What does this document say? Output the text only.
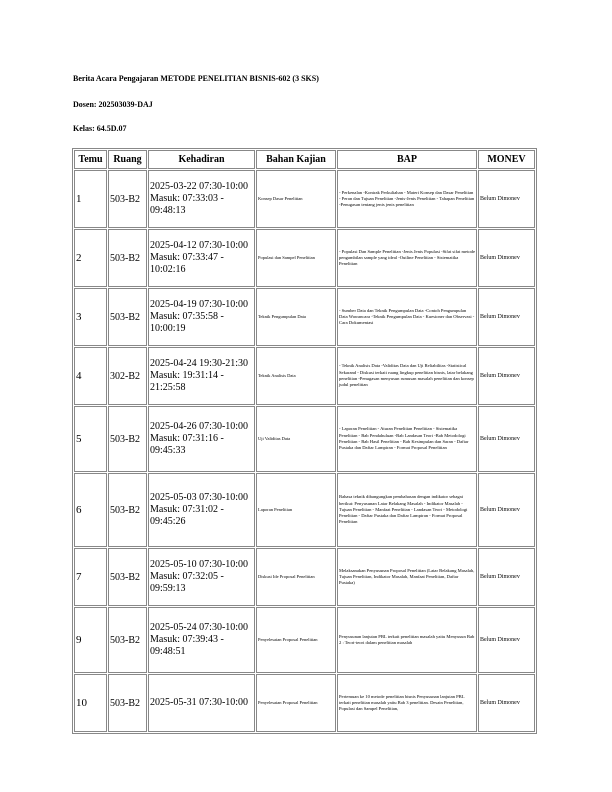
Berita Acara Pengajaran METODE PENELITIAN BISNIS-602 (3 SKS)
Dosen: 202503039-DAJ
Kelas: 64.5D.07
Temu	Ruang	Kehadiran	Bahan Kajian	BAP	MONEV
1	503-B2	2025-03-22 07:30-10:00 Masuk: 07:33:03 - 09:48:13	Konsep Dasar Penelitian	- Perkenalan -Kontrak Perkuliahan - Materi Konsep dan Dasar Penelitian - Peran dan Tujuan Penelitian -Jenis-Jenis Penelitian - Tahapan Penelitian -Penugasan tentang jenis jenis penelitian	Belum Dimonev
2	503-B2	2025-04-12 07:30-10:00 Masuk: 07:33:47 - 10:02:16	Populasi dan Sampel Penelitian	- Populasi Dan Sample Penelitian -Jenis Jenis Populasi -Sifat sifat metode pengambilan sample yang ideal -Outline Penelitian - Sistematika Penelitian	Belum Dimonev
3	503-B2	2025-04-19 07:30-10:00 Masuk: 07:35:58 - 10:00:19	Teknik Pengumpulan Data	- Sumber Data dan Teknik Pengumpulan Data -Contoh Pengumpulan Data Wawancara -Teknik Pengumpulan Data - Kuesioner dan Observasi - Cara Dokumentasi	Belum Dimonev
4	302-B2	2025-04-24 19:30-21:30 Masuk: 19:31:14 - 21:25:58	Teknik Analisis Data	- Teknik Analisis Data -Validitas Data dan Uji Reliabilitas -Statistical Sekarand - Diskusi terkait ruang lingkup penelitian bisnis, latar belakang penelitian -Penugasan menyusun rumusan masalah penelitian dan konsep judul penelitian	Belum Dimonev
5	503-B2	2025-04-26 07:30-10:00 Masuk: 07:31:16 - 09:45:33	Uji Validitas Data	- Laporan Penelitian - Aturan Penelitian Penelitian - Sistematika Penelitian - Bab Pendahuluan -Bab Landasan Teori -Bab Metodologi Penelitian - Bab Hasil Penelitian - Bab Kesimpulan dan Saran - Daftar Pustaka dan Daftar Lampiran - Format Proposal Penelitian	Belum Dimonev
6	503-B2	2025-05-03 07:30-10:00 Masuk: 07:31:02 - 09:45:26	Laporan Penelitian	Bahasa teknik dibangungkan pembahasan dengan indikator sebagai berikut: Penyusunan Latar Belakang Masalah - Indikator Masalah - Tujuan Penelitian - Manfaat Penelitian - Landasan Teori - Metodologi Penelitian - Daftar Pustaka dan Daftar Lampiran - Format Proposal Penelitian	Belum Dimonev
7	503-B2	2025-05-10 07:30-10:00 Masuk: 07:32:05 - 09:59:13	Diskusi Ide Proposal Penelitian	Melaksanakan Penyusunan Proposal Penelitian (Latar Belakang Masalah, Tujuan Penelitian, Indikator Masalah, Manfaat Penelitian, Daftar Pustaka)	Belum Dimonev
9	503-B2	2025-05-24 07:30-10:00 Masuk: 07:39:43 - 09:48:51	Penyelesaian Proposal Penelitian	Penyusunan lanjutan PBL terkait penelitian masalah yaitu Menyusun Bab 2 : Teori-teori dalam penelitian masalah	Belum Dimonev
10	503-B2	2025-05-31 07:30-10:00	Penyelesaian Proposal Penelitian	Pertemuan ke 10 metode penelitian bisnis Penyusunan lanjutan PBL terkait penelitian masalah yaitu Bab 3 penelitian. Desain Penelitian, Populasi dan Sampel Penelitian,	Belum Dimonev
